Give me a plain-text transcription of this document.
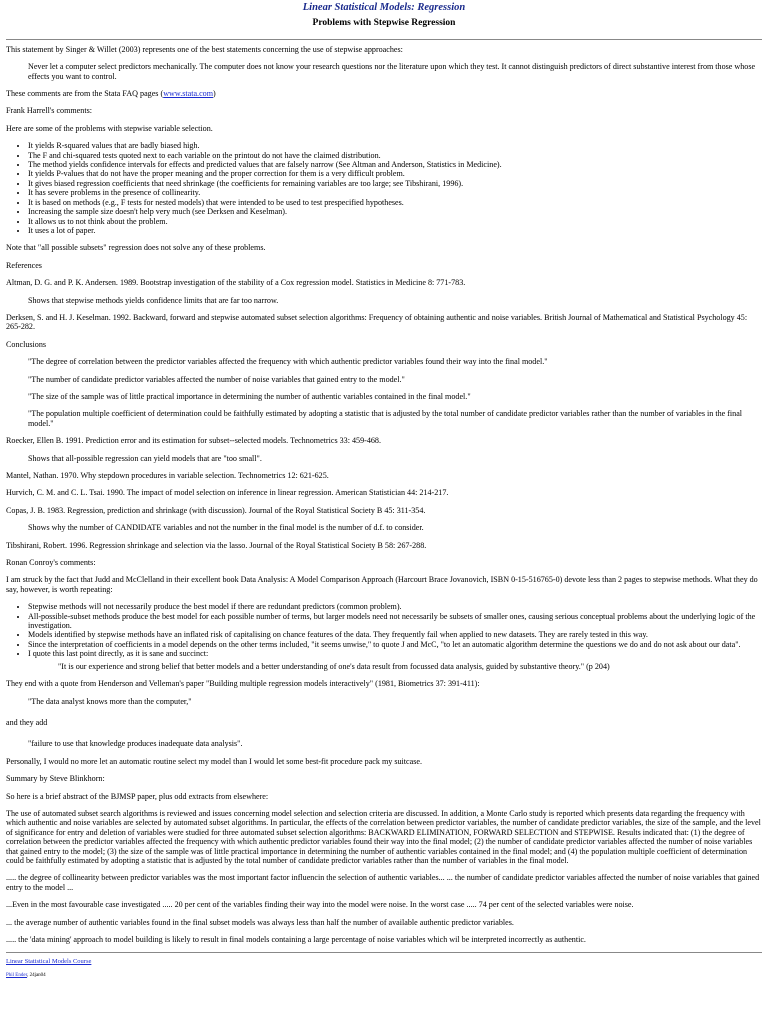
Linear Statistical Models: Regression
Problems with Stepwise Regression

This statement by Singer & Willet (2003) represents one of the best statements concerning the use of stepwise approaches:

Never let a computer select predictors mechanically. The computer does not know your research questions nor the literature upon which they test. It cannot distinguish predictors of direct substantive interest from those whose effects you want to control.

These comments are from the Stata FAQ pages (www.stata.com)

Frank Harrell's comments:

Here are some of the problems with stepwise variable selection.

• It yields R-squared values that are badly biased high.
• The F and chi-squared tests quoted next to each variable on the printout do not have the claimed distribution.
• The method yields confidence intervals for effects and predicted values that are falsely narrow (See Altman and Anderson, Statistics in Medicine).
• It yields P-values that do not have the proper meaning and the proper correction for them is a very difficult problem.
• It gives biased regression coefficients that need shrinkage (the coefficients for remaining variables are too large; see Tibshirani, 1996).
• It has severe problems in the presence of collinearity.
• It is based on methods (e.g., F tests for nested models) that were intended to be used to test prespecified hypotheses.
• Increasing the sample size doesn't help very much (see Derksen and Keselman).
• It allows us to not think about the problem.
• It uses a lot of paper.

Note that "all possible subsets" regression does not solve any of these problems.

References

Altman, D. G. and P. K. Andersen. 1989. Bootstrap investigation of the stability of a Cox regression model. Statistics in Medicine 8: 771-783.

Shows that stepwise methods yields confidence limits that are far too narrow.

Derksen, S. and H. J. Keselman. 1992. Backward, forward and stepwise automated subset selection algorithms: Frequency of obtaining authentic and noise variables. British Journal of Mathematical and Statistical Psychology 45: 265-282.

Conclusions

"The degree of correlation between the predictor variables affected the frequency with which authentic predictor variables found their way into the final model."

"The number of candidate predictor variables affected the number of noise variables that gained entry to the model."

"The size of the sample was of little practical importance in determining the number of authentic variables contained in the final model."

"The population multiple coefficient of determination could be faithfully estimated by adopting a statistic that is adjusted by the total number of candidate predictor variables rather than the number of variables in the final model."

Roecker, Ellen B. 1991. Prediction error and its estimation for subset--selected models. Technometrics 33: 459-468.

Shows that all-possible regression can yield models that are "too small".

Mantel, Nathan. 1970. Why stepdown procedures in variable selection. Technometrics 12: 621-625.

Hurvich, C. M. and C. L. Tsai. 1990. The impact of model selection on inference in linear regression. American Statistician 44: 214-217.

Copas, J. B. 1983. Regression, prediction and shrinkage (with discussion). Journal of the Royal Statistical Society B 45: 311-354.

Shows why the number of CANDIDATE variables and not the number in the final model is the number of d.f. to consider.

Tibshirani, Robert. 1996. Regression shrinkage and selection via the lasso. Journal of the Royal Statistical Society B 58: 267-288.

Ronan Conroy's comments:

I am struck by the fact that Judd and McClelland in their excellent book Data Analysis: A Model Comparison Approach (Harcourt Brace Jovanovich, ISBN 0-15-516765-0) devote less than 2 pages to stepwise methods. What they do say, however, is worth repeating:

• Stepwise methods will not necessarily produce the best model if there are redundant predictors (common problem).
• All-possible-subset methods produce the best model for each possible number of terms, but larger models need not necessarily be subsets of smaller ones, causing serious conceptual problems about the underlying logic of the investigation.
• Models identified by stepwise methods have an inflated risk of capitalising on chance features of the data. They frequently fail when applied to new datasets. They are rarely tested in this way.
• Since the interpretation of coefficients in a model depends on the other terms included, "it seems unwise," to quote J and McC, "to let an automatic algorithm determine the questions we do and do not ask about our data".
• I quote this last point directly, as it is sane and succinct:

"It is our experience and strong belief that better models and a better understanding of one's data result from focussed data analysis, guided by substantive theory." (p 204)

They end with a quote from Henderson and Velleman's paper "Building multiple regression models interactively" (1981, Biometrics 37: 391-411):

"The data analyst knows more than the computer,"

and they add

"failure to use that knowledge produces inadequate data analysis".

Personally, I would no more let an automatic routine select my model than I would let some best-fit procedure pack my suitcase.

Summary by Steve Blinkhorn:

So here is a brief abstract of the BJMSP paper, plus odd extracts from elsewhere:

The use of automated subset search algorithms is reviewed and issues concerning model selection and selection criteria are discussed. In addition, a Monte Carlo study is reported which presents data regarding the frequency with which authentic and noise variables are selected by automated subset algorithms. In particular, the effects of the correlation between predictor variables, the number of candidate predictor variables, the size of the sample, and the level of significance for entry and deletion of variables were studied for three automated subset selection algorithms: BACKWARD ELIMINATION, FORWARD SELECTION and STEPWISE. Results indicated that: (1) the degree of correlation between the predictor variables affected the frequency with which authentic predictor variables found their way into the final model; (2) the number of candidate predictor variables affected the number of noise variables that gained entry to the model; (3) the size of the sample was of little practical importance in determining the number of authentic variables contained in the final model; and (4) the population multiple coefficient of determination could be faithfully estimated by adopting a statistic that is adjusted by the total number of candidate predictor variables rather than the number of variables in the final model.

..... the degree of collinearity between predictor variables was the most important factor influencin the selection of authentic variables... ... the number of candidate predictor variables affected the number of noise variables that gained entry to the model ...

...Even in the most favourable case investigated ..... 20 per cent of the variables finding their way into the model were noise. In the worst case ..... 74 per cent of the selected variables were noise.

... the average number of authentic variables found in the final subset models was always less than half the number of available authentic predictor variables.

..... the 'data mining' approach to model building is likely to result in final models containing a large percentage of noise variables which wil be interpreted incorrectly as authentic.

Linear Statistical Models Course
Phil Ender, 24jan04
